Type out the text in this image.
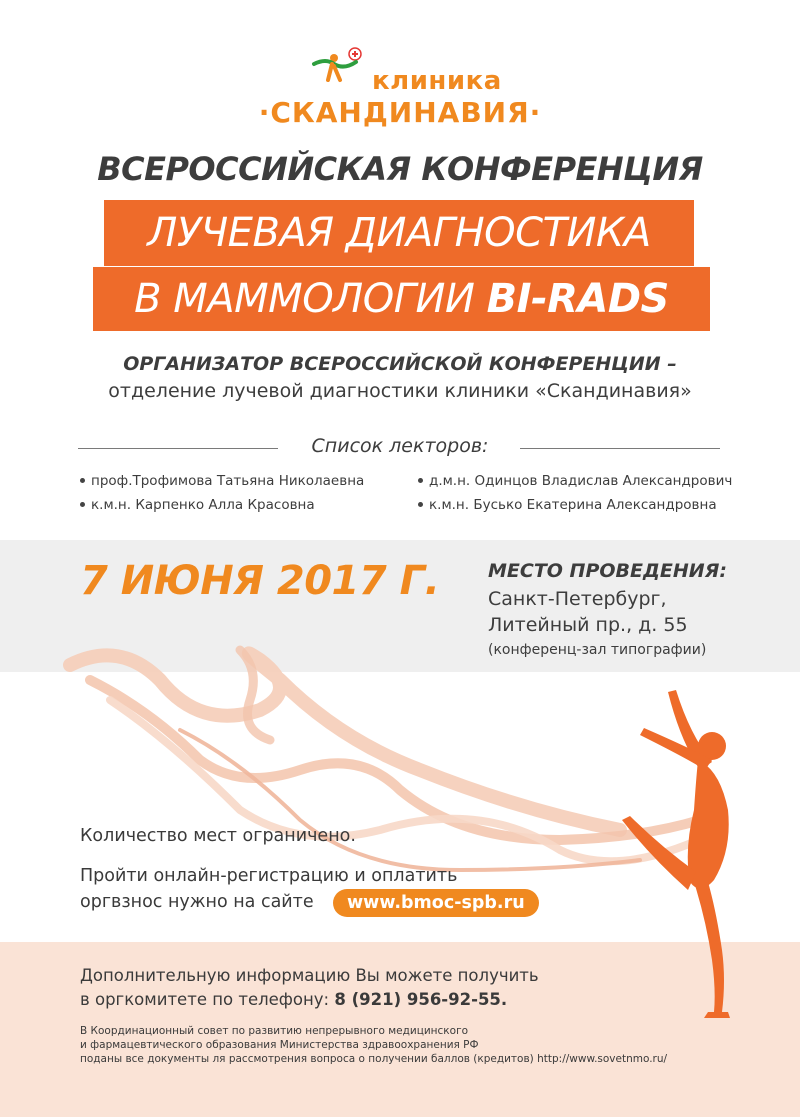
клиника
·СКАНДИНАВИЯ·
ВСЕРОССИЙСКАЯ КОНФЕРЕНЦИЯ
ЛУЧЕВАЯ ДИАГНОСТИКА
В МАММОЛОГИИ BI-RADS
ОРГАНИЗАТОР ВСЕРОССИЙСКОЙ КОНФЕРЕНЦИИ –
отделение лучевой диагностики клиники «Скандинавия»
Список лекторов:
проф.Трофимова Татьяна Николаевна
к.м.н. Карпенко Алла Красовна
д.м.н. Одинцов Владислав Александрович
к.м.н. Бусько Екатерина Александровна
7 ИЮНЯ 2017 Г.	МЕСТО ПРОВЕДЕНИЯ:
Санкт-Петербург,
Литейный пр., д. 55
(конференц-зал типографии)
Количество мест ограничено.
Пройти онлайн-регистрацию и оплатить
оргвзнос нужно на сайте	www.bmoc-spb.ru
Дополнительную информацию Вы можете получить
в оргкомитете по телефону: 8 (921) 956-92-55.
В Координационный совет по развитию непрерывного медицинского
и фармацевтического образования Министерства здравоохранения РФ
поданы все документы ля рассмотрения вопроса о получении баллов (кредитов) http://www.sovetnmo.ru/
